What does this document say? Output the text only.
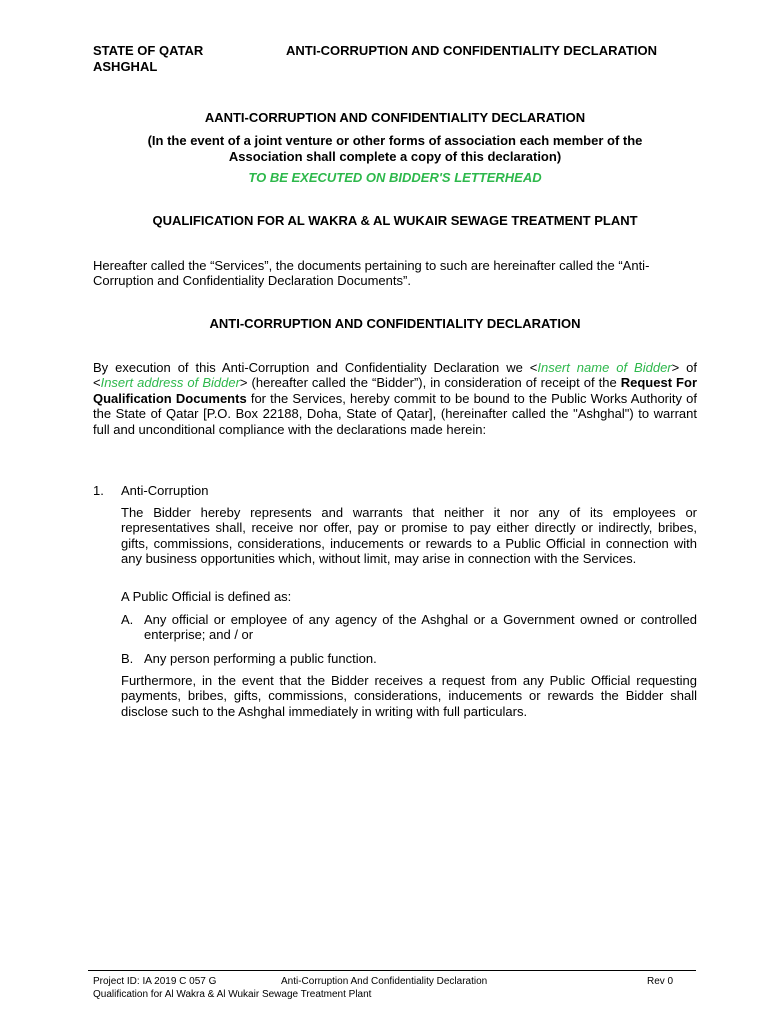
STATE OF QATAR
ASHGHAL
ANTI-CORRUPTION AND CONFIDENTIALITY DECLARATION
AANTI-CORRUPTION AND CONFIDENTIALITY DECLARATION
(In the event of a joint venture or other forms of association each member of the
Association shall complete a copy of this declaration)
TO BE EXECUTED ON BIDDER'S LETTERHEAD
QUALIFICATION FOR AL WAKRA & AL WUKAIR SEWAGE TREATMENT PLANT
Hereafter called the “Services”, the documents pertaining to such are hereinafter called the “Anti-Corruption and Confidentiality Declaration Documents”.
ANTI-CORRUPTION AND CONFIDENTIALITY DECLARATION
By execution of this Anti-Corruption and Confidentiality Declaration we <Insert name of Bidder> of <Insert address of Bidder> (hereafter called the “Bidder”), in consideration of receipt of the Request For Qualification Documents for the Services, hereby commit to be bound to the Public Works Authority of the State of Qatar [P.O. Box 22188, Doha, State of Qatar], (hereinafter called the "Ashghal") to warrant full and unconditional compliance with the declarations made herein:
1. Anti-Corruption
The Bidder hereby represents and warrants that neither it nor any of its employees or representatives shall, receive nor offer, pay or promise to pay either directly or indirectly, bribes, gifts, commissions, considerations, inducements or rewards to a Public Official in connection with any business opportunities which, without limit, may arise in connection with the Services.
A Public Official is defined as:
A. Any official or employee of any agency of the Ashghal or a Government owned or controlled enterprise; and / or
B. Any person performing a public function.
Furthermore, in the event that the Bidder receives a request from any Public Official requesting payments, bribes, gifts, commissions, considerations, inducements or rewards the Bidder shall disclose such to the Ashghal immediately in writing with full particulars.
Project ID: IA 2019 C 057 G	Anti-Corruption And Confidentiality Declaration	Rev 0
Qualification for Al Wakra & Al Wukair Sewage Treatment Plant
